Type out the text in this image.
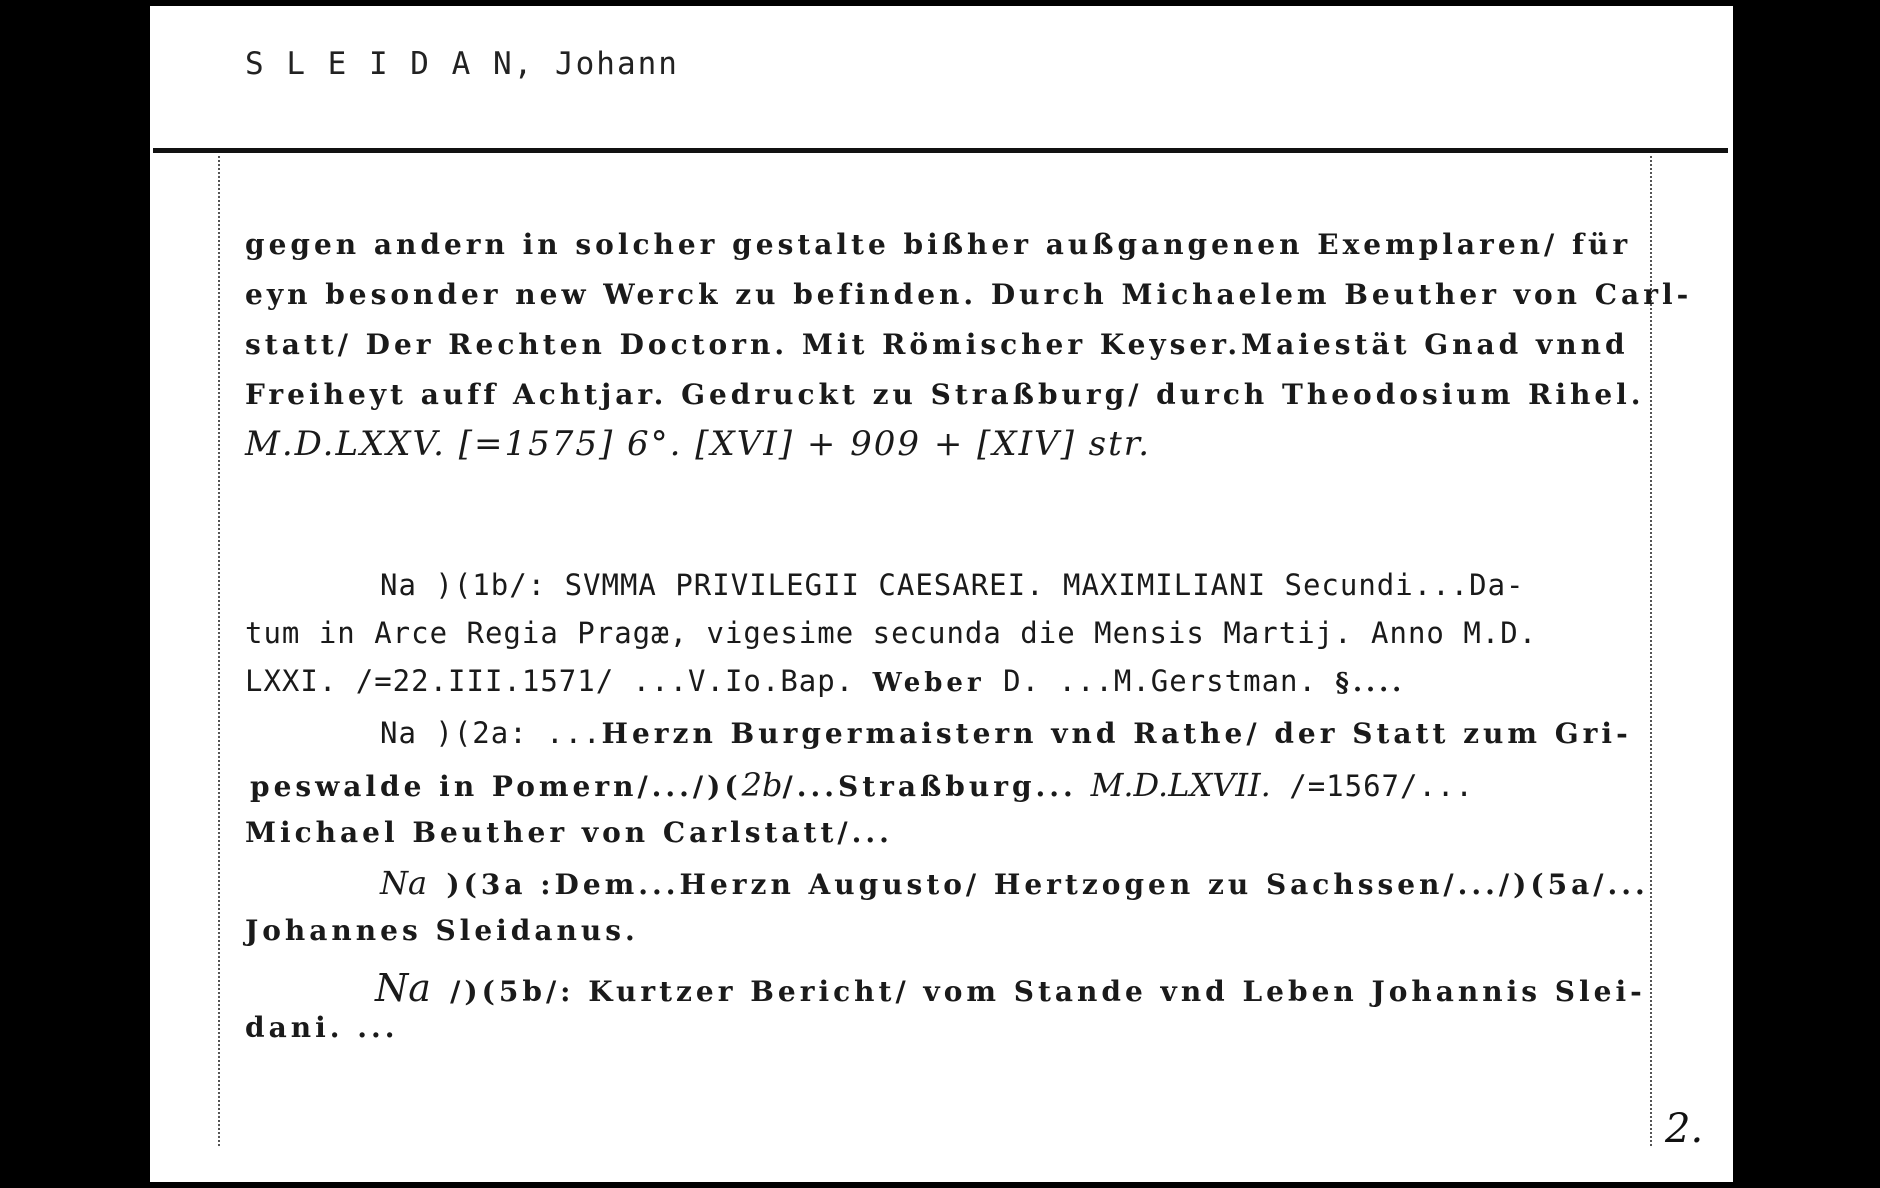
S L E I D A N, Johann
gegen andern in solcher gestalte bißher außgangenen Exemplaren/ für
eyn besonder new Werck zu befinden. Durch Michaelem Beuther von Carl-
statt/ Der Rechten Doctorn. Mit Römischer Keyser.Maiestät Gnad vnnd
Freiheyt auff Achtjar. Gedruckt zu Straßburg/ durch Theodosium Rihel.
M.D.LXXV. [=1575] 6°. [XVI] + 909 + [XIV] str.
Na )(1b/: SVMMA PRIVILEGII CAESAREI. MAXIMILIANI Secundi...Da-
tum in Arce Regia Pragæ, vigesime secunda die Mensis Martij. Anno M.D.
LXXI. /=22.III.1571/ ...V.Io.Bap. Weber D. ...M.Gerstman. §....
Na )(2a: ...Herzn Burgermaistern vnd Rathe/ der Statt zum Gri-
peswalde in Pomern/.../)(2b/...Straßburg... M.D.LXVII. /=1567/...
Michael Beuther von Carlstatt/...
Na )(3a :Dem...Herzn Augusto/ Hertzogen zu Sachssen/.../)(5a/...
Johannes Sleidanus.
Na /)(5b/: Kurtzer Bericht/ vom Stande vnd Leben Johannis Slei-
dani. ...
2.
